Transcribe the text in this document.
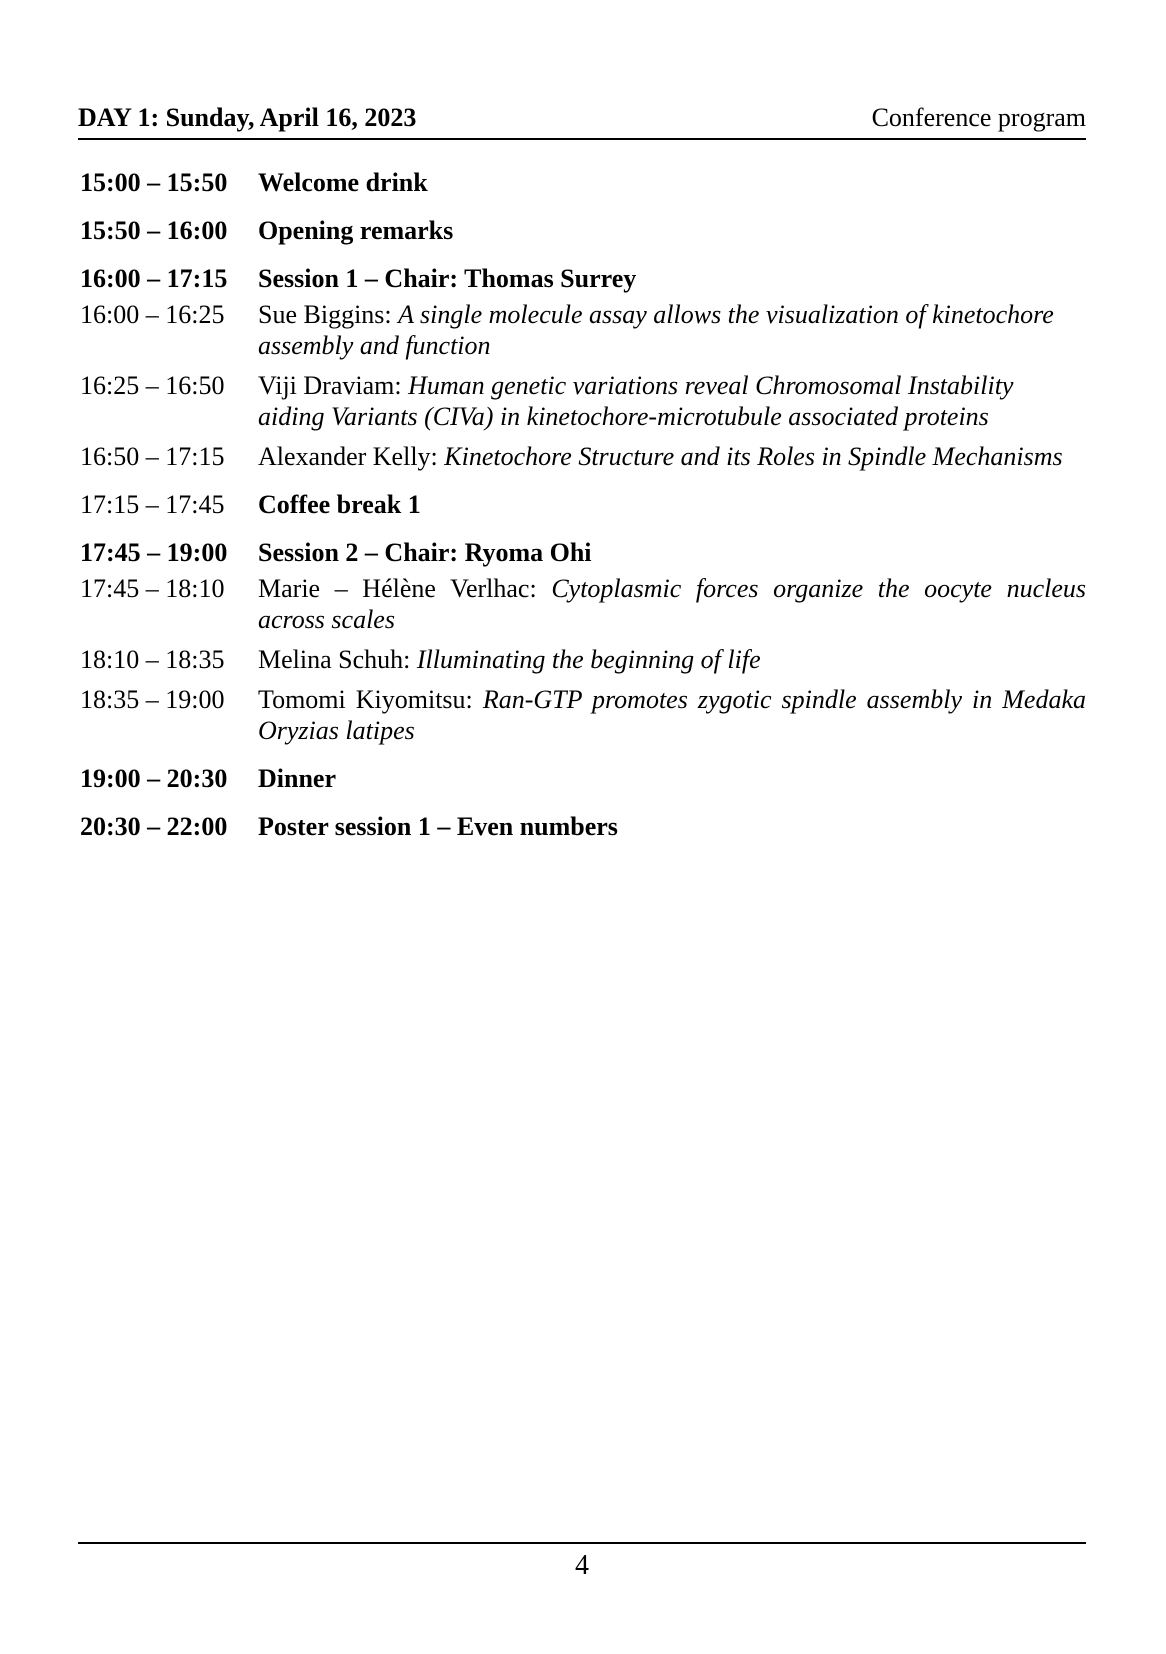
DAY 1: Sunday, April 16, 2023	Conference program
15:00 – 15:50	Welcome drink
15:50 – 16:00	Opening remarks
16:00 – 17:15	Session 1 – Chair: Thomas Surrey
16:00 – 16:25	Sue Biggins: A single molecule assay allows the visualization of kinetochore assembly and function
16:25 – 16:50	Viji Draviam: Human genetic variations reveal Chromosomal Instability aiding Variants (CIVa) in kinetochore-microtubule associated proteins
16:50 – 17:15	Alexander Kelly: Kinetochore Structure and its Roles in Spindle Mechanisms
17:15 – 17:45	Coffee break 1
17:45 – 19:00	Session 2 – Chair: Ryoma Ohi
17:45 – 18:10	Marie – Hélène Verlhac: Cytoplasmic forces organize the oocyte nucleus across scales
18:10 – 18:35	Melina Schuh: Illuminating the beginning of life
18:35 – 19:00	Tomomi Kiyomitsu: Ran-GTP promotes zygotic spindle assembly in Medaka Oryzias latipes
19:00 – 20:30	Dinner
20:30 – 22:00	Poster session 1 – Even numbers
4
